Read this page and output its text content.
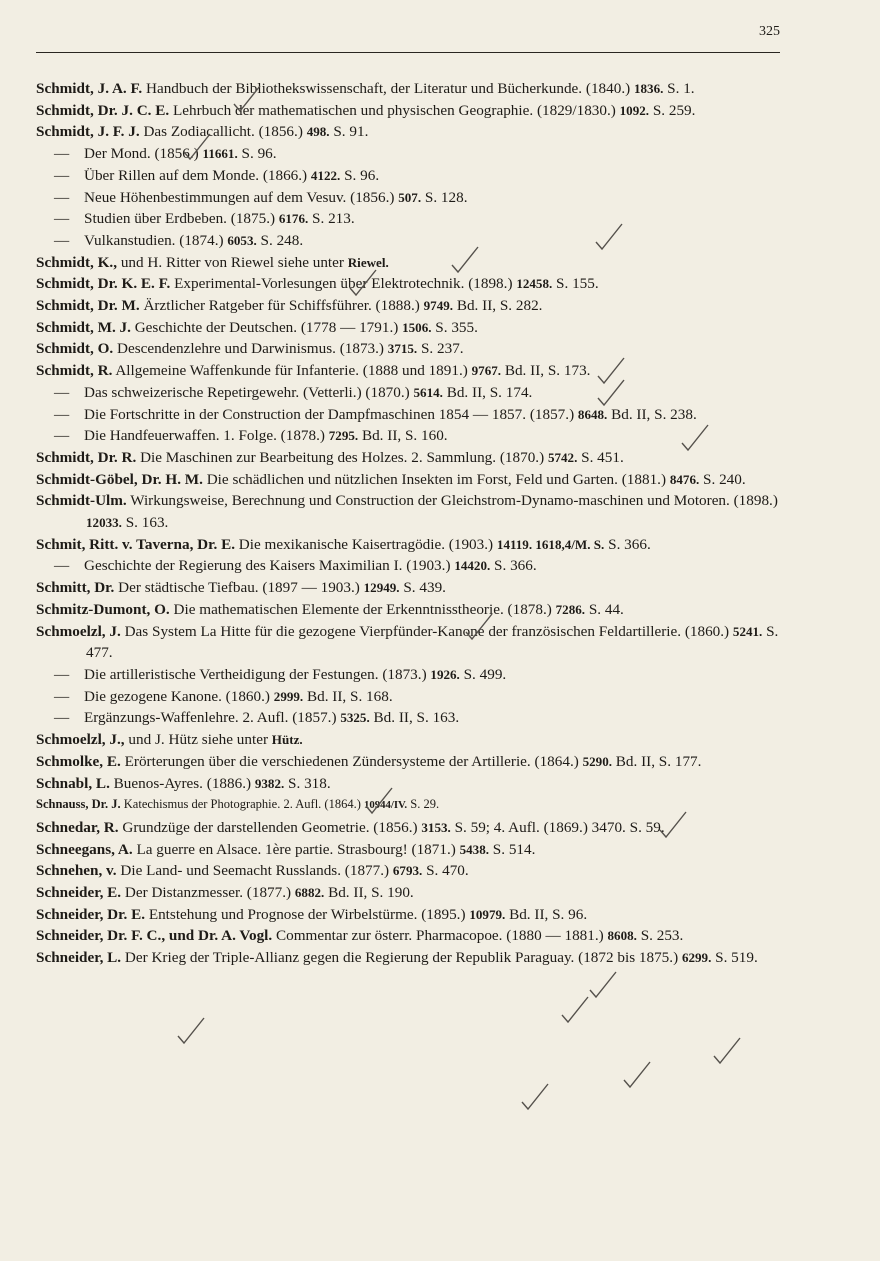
325

Schmidt, J. A. F. Handbuch der Bibliothekswissenschaft, der Literatur und Bücherkunde. (1840.) 1836. S. 1.

Schmidt, Dr. J. C. E. Lehrbuch der mathematischen und physischen Geographie. (1829/1830.) 1092. S. 259.

Schmidt, J. F. J. Das Zodiacallicht. (1856.) 498. S. 91.

— Der Mond. (1856.) 11661. S. 96.

— Über Rillen auf dem Monde. (1866.) 4122. S. 96.

— Neue Höhenbestimmungen auf dem Vesuv. (1856.) 507. S. 128.

— Studien über Erdbeben. (1875.) 6176. S. 213.

— Vulkanstudien. (1874.) 6053. S. 248.

Schmidt, K., und H. Ritter von Riewel siehe unter Riewel.

Schmidt, Dr. K. E. F. Experimental-Vorlesungen über Elektrotechnik. (1898.) 12458. S. 155.

Schmidt, Dr. M. Ärztlicher Ratgeber für Schiffsführer. (1888.) 9749. Bd. II, S. 282.

Schmidt, M. J. Geschichte der Deutschen. (1778 — 1791.) 1506. S. 355.

Schmidt, O. Descendenzlehre und Darwinismus. (1873.) 3715. S. 237.

Schmidt, R. Allgemeine Waffenkunde für Infanterie. (1888 und 1891.) 9767. Bd. II, S. 173.

— Das schweizerische Repetirgewehr. (Vetterli.) (1870.) 5614. Bd. II, S. 174.

— Die Fortschritte in der Construction der Dampfmaschinen 1854 — 1857. (1857.) 8648. Bd. II, S. 238.

— Die Handfeuerwaffen. 1. Folge. (1878.) 7295. Bd. II, S. 160.

Schmidt, Dr. R. Die Maschinen zur Bearbeitung des Holzes. 2. Sammlung. (1870.) 5742. S. 451.

Schmidt-Göbel, Dr. H. M. Die schädlichen und nützlichen Insekten im Forst, Feld und Garten. (1881.) 8476. S. 240.

Schmidt-Ulm. Wirkungsweise, Berechnung und Construction der Gleichstrom-Dynamo-maschinen und Motoren. (1898.) 12033. S. 163.

Schmit, Ritt. v. Taverna, Dr. E. Die mexikanische Kaisertragödie. (1903.) 14119. 1618,4/M. S. S. 366.

— Geschichte der Regierung des Kaisers Maximilian I. (1903.) 14420. S. 366.

Schmitt, Dr. Der städtische Tiefbau. (1897 — 1903.) 12949. S. 439.

Schmitz-Dumont, O. Die mathematischen Elemente der Erkenntnisstheorie. (1878.) 7286. S. 44.

Schmoelzl, J. Das System La Hitte für die gezogene Vierpfünder-Kanone der französischen Feldartillerie. (1860.) 5241. S. 477.

— Die artilleristische Vertheidigung der Festungen. (1873.) 1926. S. 499.

— Die gezogene Kanone. (1860.) 2999. Bd. II, S. 168.

— Ergänzungs-Waffenlehre. 2. Aufl. (1857.) 5325. Bd. II, S. 163.

Schmoelzl, J., und J. Hütz siehe unter Hütz.

Schmolke, E. Erörterungen über die verschiedenen Zündersysteme der Artillerie. (1864.) 5290. Bd. II, S. 177.

Schnabl, L. Buenos-Ayres. (1886.) 9382. S. 318.

Schnauss, Dr. J. Katechismus der Photographie. 2. Aufl. (1864.) 10944/IV. S. 29.

Schnedar, R. Grundzüge der darstellenden Geometrie. (1856.) 3153. S. 59; 4. Aufl. (1869.) 3470. S. 59.

Schneegans, A. La guerre en Alsace. 1ère partie. Strasbourg! (1871.) 5438. S. 514.

Schnehen, v. Die Land- und Seemacht Russlands. (1877.) 6793. S. 470.

Schneider, E. Der Distanzmesser. (1877.) 6882. Bd. II, S. 190.

Schneider, Dr. E. Entstehung und Prognose der Wirbelstürme. (1895.) 10979. Bd. II, S. 96.

Schneider, Dr. F. C., und Dr. A. Vogl. Commentar zur österr. Pharmacopoe. (1880 — 1881.) 8608. S. 253.

Schneider, L. Der Krieg der Triple-Allianz gegen die Regierung der Republik Paraguay. (1872 bis 1875.) 6299. S. 519.
